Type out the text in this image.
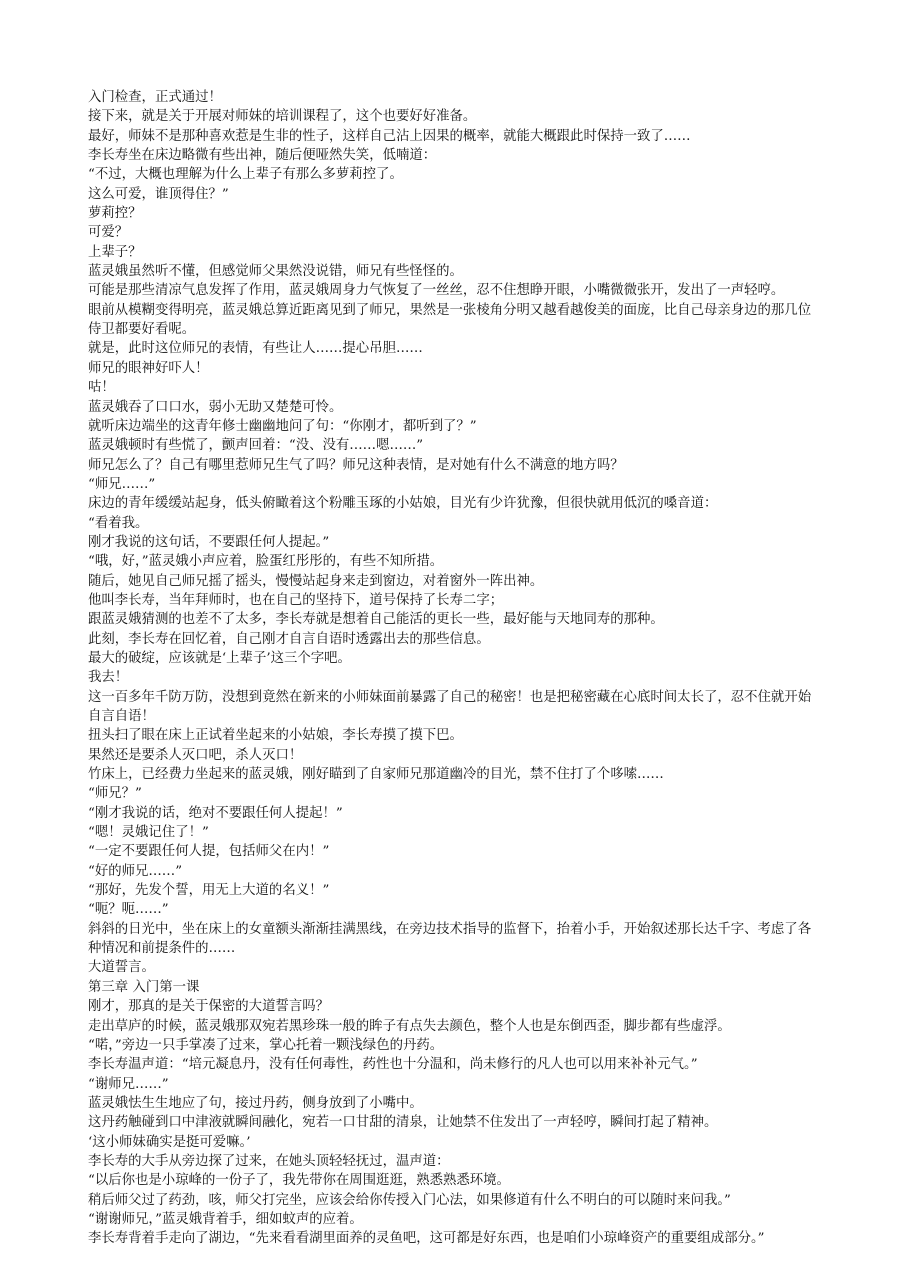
入门检查，正式通过！

接下来，就是关于开展对师妹的培训课程了，这个也要好好准备。

最好，师妹不是那种喜欢惹是生非的性子，这样自己沾上因果的概率，就能大概跟此时保持一致了……

李长寿坐在床边略微有些出神，随后便哑然失笑，低喃道：

“不过，大概也理解为什么上辈子有那么多萝莉控了。

这么可爱，谁顶得住？”

萝莉控？

可爱？

上辈子？

蓝灵娥虽然听不懂，但感觉师父果然没说错，师兄有些怪怪的。

可能是那些清凉气息发挥了作用，蓝灵娥周身力气恢复了一丝丝，忍不住想睁开眼，小嘴微微张开，发出了一声轻哼。

眼前从模糊变得明亮，蓝灵娥总算近距离见到了师兄，果然是一张棱角分明又越看越俊美的面庞，比自己母亲身边的那几位侍卫都要好看呢。

就是，此时这位师兄的表情，有些让人……提心吊胆……

师兄的眼神好吓人！

咕！

蓝灵娥吞了口口水，弱小无助又楚楚可怜。

就听床边端坐的这青年修士幽幽地问了句：“你刚才，都听到了？”

蓝灵娥顿时有些慌了，颤声回着：“没、没有……嗯……”

师兄怎么了？自己有哪里惹师兄生气了吗？师兄这种表情，是对她有什么不满意的地方吗？

“师兄……”

床边的青年缓缓站起身，低头俯瞰着这个粉雕玉琢的小姑娘，目光有少许犹豫，但很快就用低沉的嗓音道：

“看着我。

刚才我说的这句话，不要跟任何人提起。”

“哦，好，”蓝灵娥小声应着，脸蛋红彤彤的，有些不知所措。

随后，她见自己师兄摇了摇头，慢慢站起身来走到窗边，对着窗外一阵出神。

他叫李长寿，当年拜师时，也在自己的坚持下，道号保持了长寿二字；

跟蓝灵娥猜测的也差不了太多，李长寿就是想着自己能活的更长一些，最好能与天地同寿的那种。

此刻，李长寿在回忆着，自己刚才自言自语时透露出去的那些信息。

最大的破绽，应该就是‘上辈子’这三个字吧。

我去！

这一百多年千防万防，没想到竟然在新来的小师妹面前暴露了自己的秘密！也是把秘密藏在心底时间太长了，忍不住就开始自言自语！

扭头扫了眼在床上正试着坐起来的小姑娘，李长寿摸了摸下巴。

果然还是要杀人灭口吧，杀人灭口！

竹床上，已经费力坐起来的蓝灵娥，刚好瞄到了自家师兄那道幽冷的目光，禁不住打了个哆嗦……

“师兄？”

“刚才我说的话，绝对不要跟任何人提起！”

“嗯！灵娥记住了！”

“一定不要跟任何人提，包括师父在内！”

“好的师兄……”

“那好，先发个誓，用无上大道的名义！”

“呃？呃……”

斜斜的日光中，坐在床上的女童额头渐渐挂满黑线，在旁边技术指导的监督下，抬着小手，开始叙述那长达千字、考虑了各种情况和前提条件的……

大道誓言。

第三章 入门第一课

刚才，那真的是关于保密的大道誓言吗？

走出草庐的时候，蓝灵娥那双宛若黑珍珠一般的眸子有点失去颜色，整个人也是东倒西歪，脚步都有些虚浮。

“喏，”旁边一只手掌凑了过来，掌心托着一颗浅绿色的丹药。

李长寿温声道：“培元凝息丹，没有任何毒性，药性也十分温和，尚未修行的凡人也可以用来补补元气。”

“谢师兄……”

蓝灵娥怯生生地应了句，接过丹药，侧身放到了小嘴中。

这丹药触碰到口中津液就瞬间融化，宛若一口甘甜的清泉，让她禁不住发出了一声轻哼，瞬间打起了精神。

‘这小师妹确实是挺可爱嘛。’

李长寿的大手从旁边探了过来，在她头顶轻轻抚过，温声道：

“以后你也是小琼峰的一份子了，我先带你在周围逛逛，熟悉熟悉环境。

稍后师父过了药劲，咳，师父打完坐，应该会给你传授入门心法，如果修道有什么不明白的可以随时来问我。”

“谢谢师兄，”蓝灵娥背着手，细如蚊声的应着。

李长寿背着手走向了湖边，“先来看看湖里面养的灵鱼吧，这可都是好东西，也是咱们小琼峰资产的重要组成部分。”
